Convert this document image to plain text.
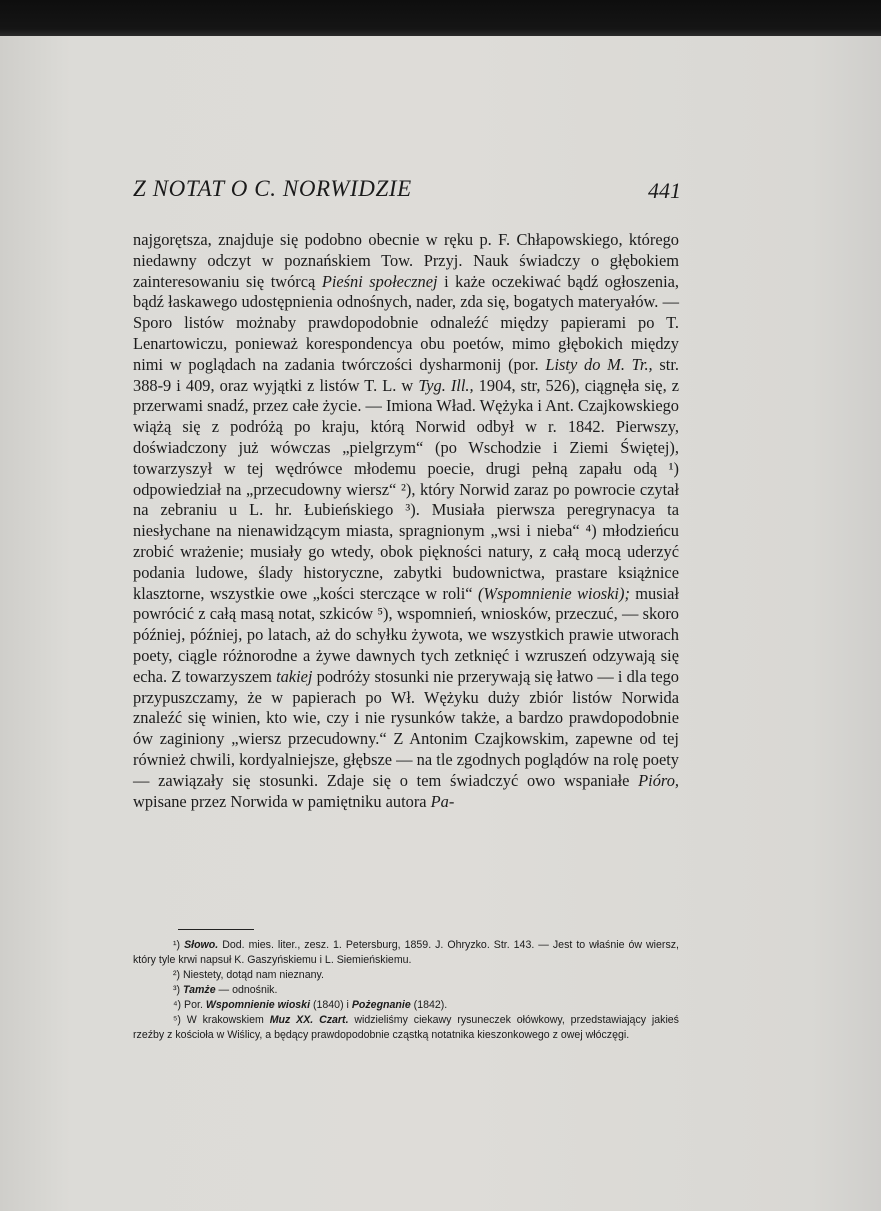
Z NOTAT O C. NORWIDZIE	441

najgorętsza, znajduje się podobno obecnie w ręku p. F. Chłapowskiego, którego niedawny odczyt w poznańskiem Tow. Przyj. Nauk świadczy o głębokiem zainteresowaniu się twórcą Pieśni społecznej i każe oczekiwać bądź ogłoszenia, bądź łaskawego udostępnienia odnośnych, nader, zda się, bogatych materyałów. — Sporo listów możnaby prawdopodobnie odnaleźć między papierami po T. Lenartowiczu, ponieważ korespondencya obu poetów, mimo głębokich między nimi w poglądach na zadania twórczości dysharmonij (por. Listy do M. Tr., str. 388-9 i 409, oraz wyjątki z listów T. L. w Tyg. Ill., 1904, str, 526), ciągnęła się, z przerwami snadź, przez całe życie. — Imiona Wład. Wężyka i Ant. Czajkowskiego wiążą się z podróżą po kraju, którą Norwid odbył w r. 1842. Pierwszy, doświadczony już wówczas „pielgrzym“ (po Wschodzie i Ziemi Świętej), towarzyszył w tej wędrówce młodemu poecie, drugi pełną zapału odą ¹) odpowiedział na „przecudowny wiersz“ ²), który Norwid zaraz po powrocie czytał na zebraniu u L. hr. Łubieńskiego ³). Musiała pierwsza peregrynacya ta niesłychane na nienawidzącym miasta, spragnionym „wsi i nieba“ ⁴) młodzieńcu zrobić wrażenie; musiały go wtedy, obok piękności natury, z całą mocą uderzyć podania ludowe, ślady historyczne, zabytki budownictwa, prastare książnice klasztorne, wszystkie owe „kości sterczące w roli“ (Wspomnienie wioski); musiał powrócić z całą masą notat, szkiców ⁵), wspomnień, wniosków, przeczuć, — skoro później, później, po latach, aż do schyłku żywota, we wszystkich prawie utworach poety, ciągle różnorodne a żywe dawnych tych zetknięć i wzruszeń odzywają się echa. Z towarzyszem takiej podróży stosunki nie przerywają się łatwo — i dla tego przypuszczamy, że w papierach po Wł. Wężyku duży zbiór listów Norwida znaleźć się winien, kto wie, czy i nie rysunków także, a bardzo prawdopodobnie ów zaginiony „wiersz przecudowny.“ Z Antonim Czajkowskim, zapewne od tej również chwili, kordyalniejsze, głębsze — na tle zgodnych poglądów na rolę poety — zawiązały się stosunki. Zdaje się o tem świadczyć owo wspaniałe Pióro, wpisane przez Norwida w pamiętniku autora Pa-

¹) Słowo. Dod. mies. liter., zesz. 1. Petersburg, 1859. J. Ohryzko. Str. 143. — Jest to właśnie ów wiersz, który tyle krwi napsuł K. Gaszyńskiemu i L. Siemieńskiemu.

²) Niestety, dotąd nam nieznany.

³) Tamże — odnośnik.

⁴) Por. Wspomnienie wioski (1840) i Pożegnanie (1842).

⁵) W krakowskiem Muz XX. Czart. widzieliśmy ciekawy rysuneczek ołówkowy, przedstawiający jakieś rzeźby z kościoła w Wiślicy, a będący prawdopodobnie cząstką notatnika kieszonkowego z owej włóczęgi.
